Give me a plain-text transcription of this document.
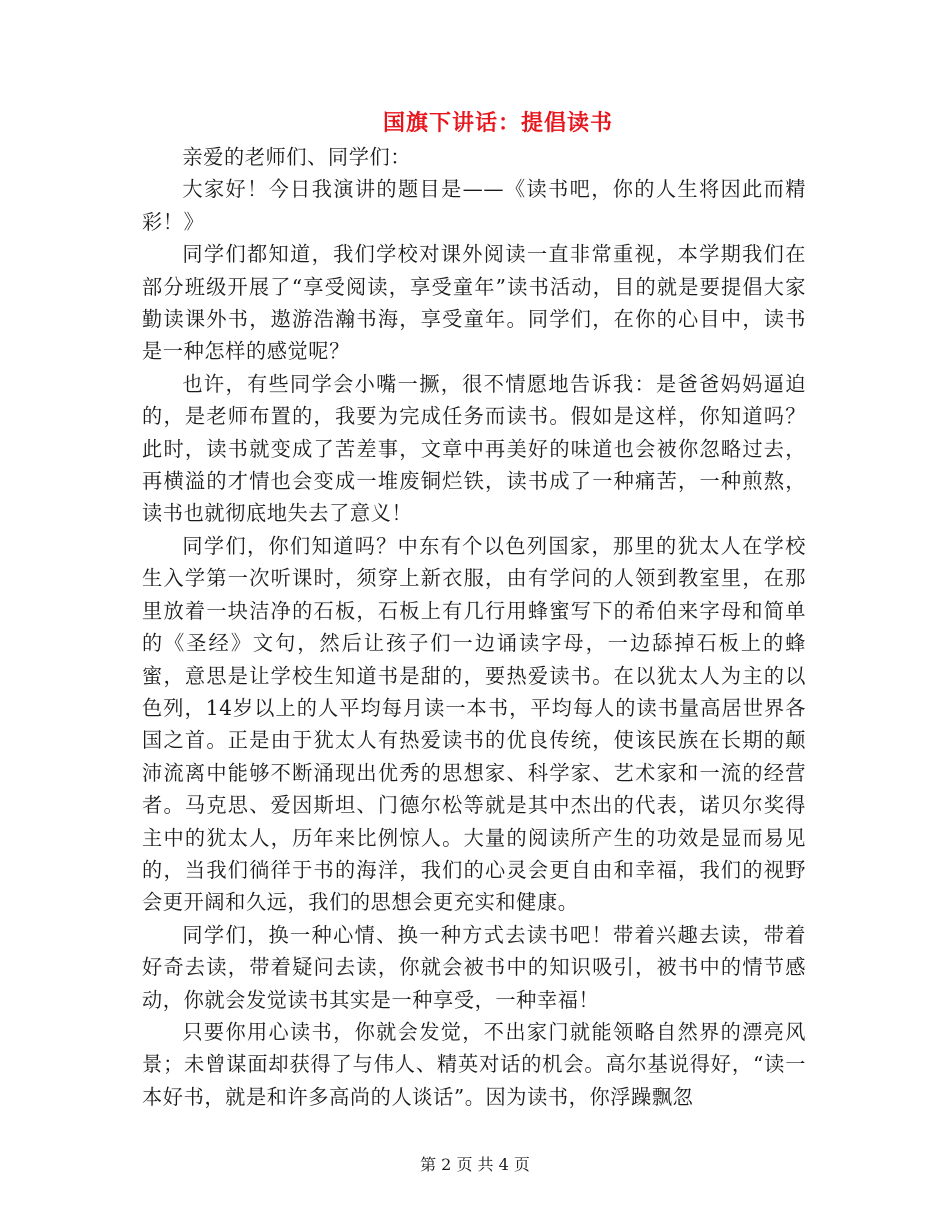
国旗下讲话：提倡读书

亲爱的老师们、同学们：

大家好！今日我演讲的题目是——《读书吧，你的人生将因此而精彩！》

同学们都知道，我们学校对课外阅读一直非常重视，本学期我们在部分班级开展了“享受阅读，享受童年”读书活动，目的就是要提倡大家勤读课外书，遨游浩瀚书海，享受童年。同学们，在你的心目中，读书是一种怎样的感觉呢？

也许，有些同学会小嘴一撅，很不情愿地告诉我：是爸爸妈妈逼迫的，是老师布置的，我要为完成任务而读书。假如是这样，你知道吗？此时，读书就变成了苦差事，文章中再美好的味道也会被你忽略过去，再横溢的才情也会变成一堆废铜烂铁，读书成了一种痛苦，一种煎熬，读书也就彻底地失去了意义！

同学们，你们知道吗？中东有个以色列国家，那里的犹太人在学校生入学第一次听课时，须穿上新衣服，由有学问的人领到教室里，在那里放着一块洁净的石板，石板上有几行用蜂蜜写下的希伯来字母和简单的《圣经》文句，然后让孩子们一边诵读字母，一边舔掉石板上的蜂蜜，意思是让学校生知道书是甜的，要热爱读书。在以犹太人为主的以色列，14岁以上的人平均每月读一本书，平均每人的读书量高居世界各国之首。正是由于犹太人有热爱读书的优良传统，使该民族在长期的颠沛流离中能够不断涌现出优秀的思想家、科学家、艺术家和一流的经营者。马克思、爱因斯坦、门德尔松等就是其中杰出的代表，诺贝尔奖得主中的犹太人，历年来比例惊人。大量的阅读所产生的功效是显而易见的，当我们徜徉于书的海洋，我们的心灵会更自由和幸福，我们的视野会更开阔和久远，我们的思想会更充实和健康。

同学们，换一种心情、换一种方式去读书吧！带着兴趣去读，带着好奇去读，带着疑问去读，你就会被书中的知识吸引，被书中的情节感动，你就会发觉读书其实是一种享受，一种幸福！

只要你用心读书，你就会发觉，不出家门就能领略自然界的漂亮风景；未曾谋面却获得了与伟人、精英对话的机会。高尔基说得好，“读一本好书，就是和许多高尚的人谈话”。因为读书，你浮躁飘忽

第 2 页 共 4 页
